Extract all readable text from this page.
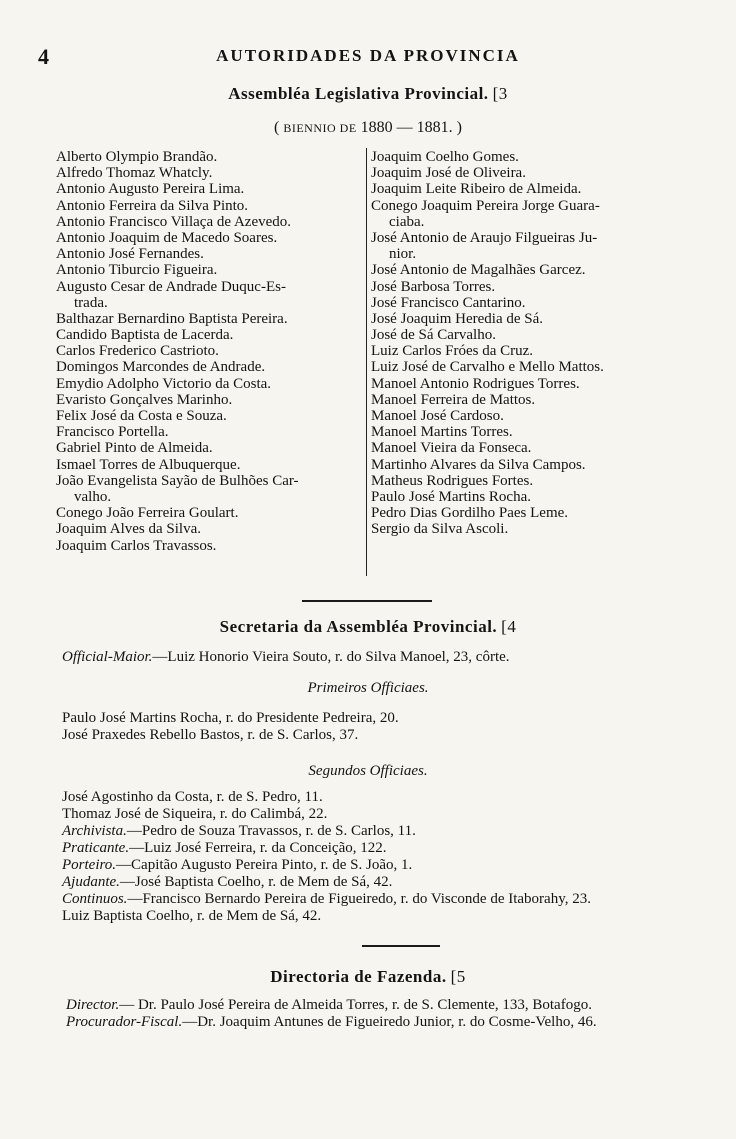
4	AUTORIDADES DA PROVINCIA
Assembléa Legislativa Provincial. [3
( BIENNIO DE 1880 — 1881. )
Alberto Olympio Brandão.
Alfredo Thomaz Whatcly.
Antonio Augusto Pereira Lima.
Antonio Ferreira da Silva Pinto.
Antonio Francisco Villaça de Azevedo.
Antonio Joaquim de Macedo Soares.
Antonio José Fernandes.
Antonio Tiburcio Figueira.
Augusto Cesar de Andrade Duquc-Es-
trada.
Balthazar Bernardino Baptista Pereira.
Candido Baptista de Lacerda.
Carlos Frederico Castrioto.
Domingos Marcondes de Andrade.
Emydio Adolpho Victorio da Costa.
Evaristo Gonçalves Marinho.
Felix José da Costa e Souza.
Francisco Portella.
Gabriel Pinto de Almeida.
Ismael Torres de Albuquerque.
João Evangelista Sayão de Bulhões Car-
valho.
Conego João Ferreira Goulart.
Joaquim Alves da Silva.
Joaquim Carlos Travassos.
Joaquim Coelho Gomes.
Joaquim José de Oliveira.
Joaquim Leite Ribeiro de Almeida.
Conego Joaquim Pereira Jorge Guara-
ciaba.
José Antonio de Araujo Filgueiras Ju-
nior.
José Antonio de Magalhães Garcez.
José Barbosa Torres.
José Francisco Cantarino.
José Joaquim Heredia de Sá.
José de Sá Carvalho.
Luiz Carlos Fróes da Cruz.
Luiz José de Carvalho e Mello Mattos.
Manoel Antonio Rodrigues Torres.
Manoel Ferreira de Mattos.
Manoel José Cardoso.
Manoel Martins Torres.
Manoel Vieira da Fonseca.
Martinho Alvares da Silva Campos.
Matheus Rodrigues Fortes.
Paulo José Martins Rocha.
Pedro Dias Gordilho Paes Leme.
Sergio da Silva Ascoli.
Secretaria da Assembléa Provincial. [4
Official-Maior.—Luiz Honorio Vieira Souto, r. do Silva Manoel, 23, côrte.
Primeiros Officiaes.
Paulo José Martins Rocha, r. do Presidente Pedreira, 20.
José Praxedes Rebello Bastos, r. de S. Carlos, 37.
Segundos Officiaes.
José Agostinho da Costa, r. de S. Pedro, 11.
Thomaz José de Siqueira, r. do Calimbá, 22.
Archivista.—Pedro de Souza Travassos, r. de S. Carlos, 11.
Praticante.—Luiz José Ferreira, r. da Conceição, 122.
Porteiro.—Capitão Augusto Pereira Pinto, r. de S. João, 1.
Ajudante.—José Baptista Coelho, r. de Mem de Sá, 42.
Continuos.—Francisco Bernardo Pereira de Figueiredo, r. do Visconde de Itaborahy, 23.
Luiz Baptista Coelho, r. de Mem de Sá, 42.
Directoria de Fazenda. [5
Director.— Dr. Paulo José Pereira de Almeida Torres, r. de S. Clemente, 133, Botafogo.
Procurador-Fiscal.—Dr. Joaquim Antunes de Figueiredo Junior, r. do Cosme-Velho, 46.
